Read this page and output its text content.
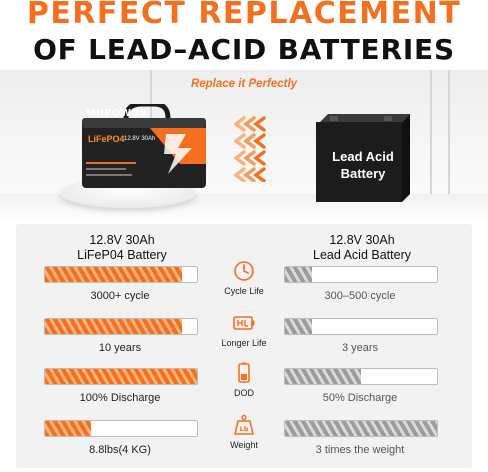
PERFECT REPLACEMENT
OF LEAD–ACID BATTERIES
Replace it Perfectly
MHPOWOS
LiFePO4 12.8V 30Ah
Lead Acid
Battery
12.8V 30Ah
LiFeP04 Battery
12.8V 30Ah
Lead Acid Battery
3000+ cycle	300–500 cycle
Cycle Life
10 years	3 years
Longer Life
100% Discharge	50% Discharge
DOD
8.8lbs(4 KG)	3 times the weight
Lb
Weight
